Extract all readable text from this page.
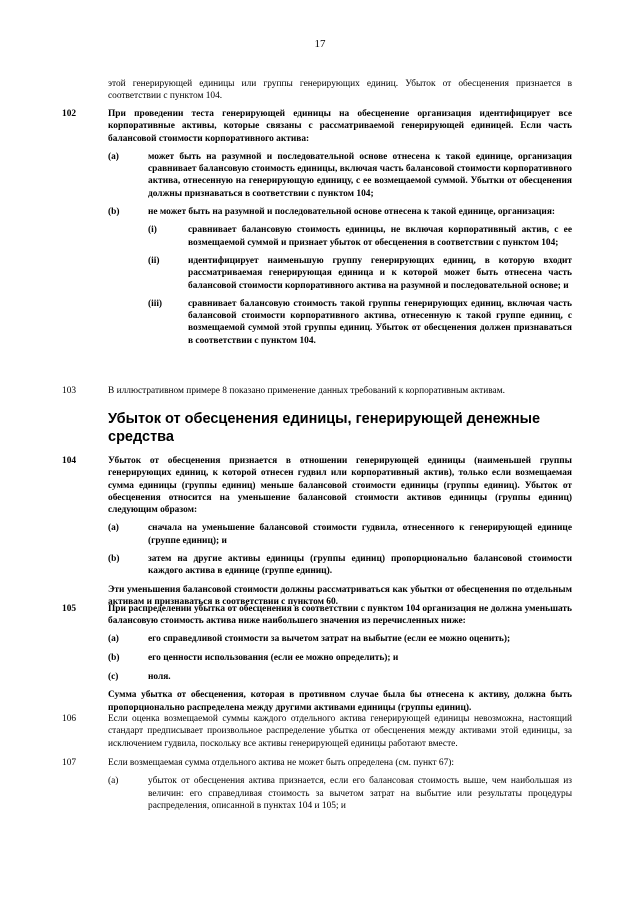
17

этой генерирующей единицы или группы генерирующих единиц. Убыток от обесценения признается в соответствии с пунктом 104.

102	При проведении теста генерирующей единицы на обесценение организация идентифицирует все корпоративные активы, которые связаны с рассматриваемой генерирующей единицей. Если часть балансовой стоимости корпоративного актива:

(а)	может быть на разумной и последовательной основе отнесена к такой единице, организация сравнивает балансовую стоимость единицы, включая часть балансовой стоимости корпоративного актива, отнесенную на генерирующую единицу, с ее возмещаемой суммой. Убытки от обесценения должны признаваться в соответствии с пунктом 104;

(b)	не может быть на разумной и последовательной основе отнесена к такой единице, организация:

(i)	сравнивает балансовую стоимость единицы, не включая корпоративный актив, с ее возмещаемой суммой и признает убыток от обесценения в соответствии с пунктом 104;

(ii)	идентифицирует наименьшую группу генерирующих единиц, в которую входит рассматриваемая генерирующая единица и к которой может быть отнесена часть балансовой стоимости корпоративного актива на разумной и последовательной основе; и

(iii)	сравнивает балансовую стоимость такой группы генерирующих единиц, включая часть балансовой стоимости корпоративного актива, отнесенную к такой группе единиц, с возмещаемой суммой этой группы единиц. Убыток от обесценения должен признаваться в соответствии с пунктом 104.

103	В иллюстративном примере 8 показано применение данных требований к корпоративным активам.

Убыток от обесценения единицы, генерирующей денежные средства
104	Убыток от обесценения признается в отношении генерирующей единицы (наименьшей группы генерирующих единиц, к которой отнесен гудвил или корпоративный актив), только если возмещаемая сумма единицы (группы единиц) меньше балансовой стоимости единицы (группы единиц). Убыток от обесценения относится на уменьшение балансовой стоимости активов единицы (группы единиц) следующим образом:

(а)	сначала на уменьшение балансовой стоимости гудвила, отнесенного к генерирующей единице (группе единиц); и

(b)	затем на другие активы единицы (группы единиц) пропорционально балансовой стоимости каждого актива в единице (группе единиц).

Эти уменьшения балансовой стоимости должны рассматриваться как убытки от обесценения по отдельным активам и признаваться в соответствии с пунктом 60.

105	При распределении убытка от обесценения в соответствии с пунктом 104 организация не должна уменьшать балансовую стоимость актива ниже наибольшего значения из перечисленных ниже:

(а)	его справедливой стоимости за вычетом затрат на выбытие (если ее можно оценить);

(b)	его ценности использования (если ее можно определить); и

(с)	ноля.

Сумма убытка от обесценения, которая в противном случае была бы отнесена к активу, должна быть пропорционально распределена между другими активами единицы (группы единиц).

106	Если оценка возмещаемой суммы каждого отдельного актива генерирующей единицы невозможна, настоящий стандарт предписывает произвольное распределение убытка от обесценения между активами этой единицы, за исключением гудвила, поскольку все активы генерирующей единицы работают вместе.

107	Если возмещаемая сумма отдельного актива не может быть определена (см. пункт 67):

(а)	убыток от обесценения актива признается, если его балансовая стоимость выше, чем наибольшая из величин: его справедливая стоимость за вычетом затрат на выбытие или результаты процедуры распределения, описанной в пунктах 104 и 105; и
